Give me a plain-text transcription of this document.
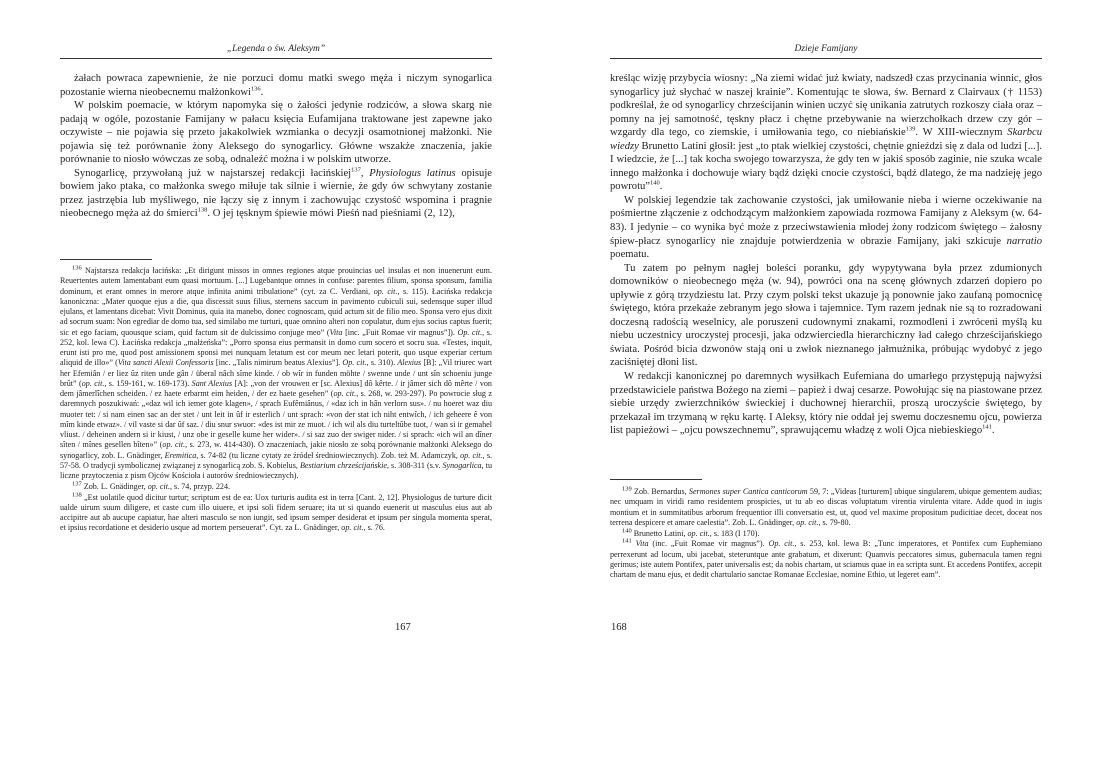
„Legenda o św. Aleksym”

żałach powraca zapewnienie, że nie porzuci domu matki swego męża i niczym synogarlica pozostanie wierna nieobecnemu małżonkowi$^{136}$.

W polskim poemacie, w którym napomyka się o żałości jedynie rodziców, a słowa skarg nie padają w ogóle, pozostanie Famijany w pałacu księcia Eufamijana traktowane jest zapewne jako oczywiste – nie pojawia się przeto jakakolwiek wzmianka o decyzji osamotnionej małżonki. Nie pojawia się też porównanie żony Aleksego do synogarlicy. Główne wszakże znaczenia, jakie porównanie to niosło wówczas ze sobą, odnaleźć można i w polskim utworze.

Synogarlicę, przywołaną już w najstarszej redakcji łacińskiej$^{137}$, Physiologus latinus opisuje bowiem jako ptaka, co małżonka swego miłuje tak silnie i wiernie, że gdy ów schwytany zostanie przez jastrzębia lub myśliwego, nie łączy się z innym i zachowując czystość wspomina i pragnie nieobecnego męża aż do śmierci$^{138}$. O jej tęsknym śpiewie mówi Pieśń nad pieśniami (2, 12),

$^{136}$ Najstarsza redakcja łacińska: „Et dirigunt missos in omnes regiones atque prouincias uel insulas et non inuenerunt eum. Reuertentes autem lamentabant eum quasi mortuum. [...] Lugebantque omnes in confuse: parentes filium, sponsa sponsum, familia dominum, et erant omnes in merore atque infinita animi tribulatione” (cyt. za C. Verdiani, op. cit., s. 115). Łacińska redakcja kanoniczna: „Mater quoque ejus a die, qua discessit suus filius, sternens saccum in pavimento cubiculi sui, sedensque super illud ejulans, et lamentans dicebat: Vivit Dominus, quia ita manebo, donec cognoscam, quid actum sit de filio meo. Sponsa vero ejus dixit ad socrum suam: Non egrediar de domo tua, sed similabo me turturi, quae omnino alteri non copulatur, dum ejus socius captus fuerit; sic et ego faciam, quousque sciam, quid factum sit de dulcissimo conjuge meo” (Vita [inc. „Fuit Romae vir magnus”]). Op. cit., s. 252, kol. lewa C). Łacińska redakcja „małżeńska”: „Porro sponsa eius permansit in domo cum socero et socru sua. «Testes, inquit, erunt isti pro me, quod post amissionem sponsi mei nunquam letatum est cor meum nec letari poterit, quo usque experiar certum aliquid de illo»” (Vita sancti Alexii Confessoris [inc. „Talis nimirum beatus Alexius”]. Op. cit., s. 310). Alexius [B]: „Vil triurec wart her Efemiân / er liez ûz riten unde gân / überal nâch sîme kinde. / ob wîr in funden möhte / swenne unde / unt sîn schoeniu junge brût” (op. cit., s. 159-161, w. 169-173). Sant Alexius [A]: „von der vrouwen er [sc. Alexius] dô kêrte. / ir jâmer sich dô mêrte / von dem jâmerlîchen scheiden. / ez haete erbarmt eim heiden, / der ez haete gesehen” (op. cit., s. 268, w. 293-297). Po powrocie sług z daremnych poszukiwań: „«daz wil ich iemer gote klagen», / sprach Eufêmiânus, / «daz ich in hân verlorn sus». / nu hoeret waz diu muoter tet: / si nam einen sac an der stet / unt leit in ûf ir esterlich / unt sprach: «von der stat ich niht entwîch, / ich geheere ê von mîm kinde etwaz». / vil vaste si dar ûf saz. / diu snur swuor: «des ist mir ze muot. / ich wil als diu turteltûbe tuot, / wan si ir gemahel vliust. / deheinen andern si ir kiust, / unz obe ir geselle kume her wider». / si saz zuo der swiger nider. / si sprach: «ich wil an dîner sîten / mînes gesellen bîten»” (op. cit., s. 273, w. 414-430). O znaczeniach, jakie niosło ze sobą porównanie małżonki Aleksego do synogarlicy, zob. L. Gnädinger, Eremitica, s. 74-82 (tu liczne cytaty ze źródeł średniowiecznych). Zob. też M. Adamczyk, op. cit., s. 57-58. O tradycji symbolicznej związanej z synogarlicą zob. S. Kobielus, Bestiarium chrześcijańskie, s. 308-311 (s.v. Synogarlica, tu liczne przytoczenia z pism Ojców Kościoła i autorów średniowiecznych).

$^{137}$ Zob. L. Gnädinger, op. cit., s. 74, przyp. 224.

$^{138}$ „Est uolatile quod dicitur turtur; scriptum est de ea: Uox turturis audita est in terra [Cant. 2, 12]. Physiologus de turture dicit ualde uirum suum diligere, et caste cum illo uiuere, et ipsi soli fidem seruare; ita ut si quando euenerit ut masculus eius aut ab accipitre aut ab aucupe capiatur, hae alteri masculo se non iungit, sed ipsum semper desiderat et ipsum per singula momenta sperat, et ipsius recordatione et desiderio usque ad mortem perseuerat”. Cyt. za L. Gnädinger, op. cit., s. 76.

167
Dzieje Famijany

kreśląc wizję przybycia wiosny: „Na ziemi widać już kwiaty, nadszedł czas przycinania winnic, głos synogarlicy już słychać w naszej krainie”. Komentując te słowa, św. Bernard z Clairvaux († 1153) podkreślał, że od synogarlicy chrześcijanin winien uczyć się unikania zatrutych rozkoszy ciała oraz – pomny na jej samotność, tęskny płacz i chętne przebywanie na wierzchołkach drzew czy gór – wzgardy dla tego, co ziemskie, i umiłowania tego, co niebiańskie$^{139}$. W XIII-wiecznym Skarbcu wiedzy Brunetto Latini głosił: jest „to ptak wielkiej czystości, chętnie gnieździ się z dala od ludzi [...]. I wiedzcie, że [...] tak kocha swojego towarzysza, że gdy ten w jakiś sposób zaginie, nie szuka wcale innego małżonka i dochowuje wiary bądź dzięki cnocie czystości, bądź dlatego, że ma nadzieję jego powrotu”$^{140}$.

W polskiej legendzie tak zachowanie czystości, jak umiłowanie nieba i wierne oczekiwanie na pośmiertne złączenie z odchodzącym małżonkiem zapowiada rozmowa Famijany z Aleksym (w. 64-83). I jedynie – co wynika być może z przeciwstawienia młodej żony rodzicom świętego – żałosny śpiew-płacz synogarlicy nie znajduje potwierdzenia w obrazie Famijany, jaki szkicuje narratio poematu.

Tu zatem po pełnym nagłej boleści poranku, gdy wypytywana była przez zdumionych domowników o nieobecnego męża (w. 94), powróci ona na scenę głównych zdarzeń dopiero po upływie z górą trzydziestu lat. Przy czym polski tekst ukazuje ją ponownie jako zaufaną pomocnicę świętego, która przekaże zebranym jego słowa i tajemnice. Tym razem jednak nie są to rozradowani doczesną radością weselnicy, ale poruszeni cudownymi znakami, rozmodleni i zwróceni myślą ku niebu uczestnicy uroczystej procesji, jaka odzwierciedla hierarchiczny ład całego chrześcijańskiego świata. Pośród bicia dzwonów stają oni u zwłok nieznanego jałmużnika, próbując wydobyć z jego zaciśniętej dłoni list.

W redakcji kanonicznej po daremnych wysiłkach Eufemiana do umarłego przystępują najwyżsi przedstawiciele państwa Bożego na ziemi – papież i dwaj cesarze. Powołując się na piastowane przez siebie urzędy zwierzchników świeckiej i duchownej hierarchii, proszą uroczyście świętego, by przekazał im trzymaną w ręku kartę. I Aleksy, który nie oddał jej swemu doczesnemu ojcu, powierza list papieżowi – „ojcu powszechnemu”, sprawującemu władzę z woli Ojca niebieskiego$^{141}$.

$^{139}$ Zob. Bernardus, Sermones super Cantica canticorum 59, 7: „Videas [turturem] ubique singularem, ubique gementem audias; nec umquam in viridi ramo residentem prospicies, ut tu ab eo discas voluptatum virentia virulenta vitare. Adde quod in iugis montium et in summitatibus arborum frequentior illi conversatio est, ut, quod vel maxime propositum pudicitiae decet, doceat nos terrena despicere et amare caelestia”. Zob. L. Gnädinger, op. cit., s. 79-80.

$^{140}$ Brunetto Latini, op. cit., s. 183 (I 170).

$^{141}$ Vita (inc. „Fuit Romae vir magnus”). Op. cit., s. 253, kol. lewa B: „Tunc imperatores, et Pontifex cum Euphemiano perrexerunt ad locum, ubi jacebat, steteruntque ante grabatum, et dixerunt: Quamvis peccatores simus, gubernacula tamen regni gerimus; iste autem Pontifex, pater universalis est; da nobis chartam, ut sciamus quae in ea scripta sunt. Et accedens Pontifex, accepit chartam de manu ejus, et dedit chartulario sanctae Romanae Ecclesiae, nomine Ethio, ut legeret eam”.

168
